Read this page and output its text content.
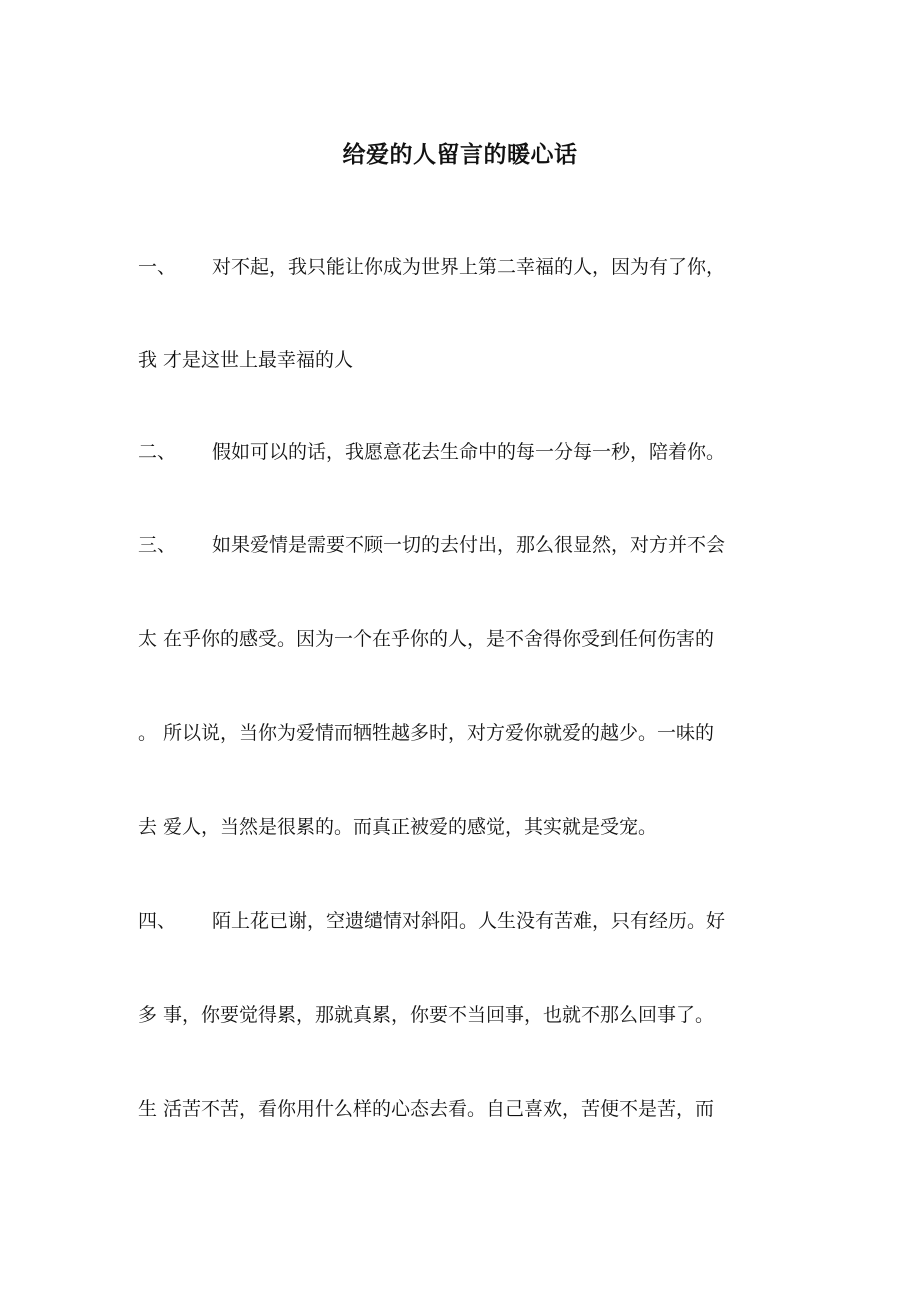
给爱的人留言的暖心话
一、 对不起，我只能让你成为世界上第二幸福的人，因为有了你，
我 才是这世上最幸福的人
二、 假如可以的话，我愿意花去生命中的每一分每一秒，陪着你。
三、 如果爱情是需要不顾一切的去付出，那么很显然，对方并不会
太 在乎你的感受。因为一个在乎你的人，是不舍得你受到任何伤害的
。 所以说，当你为爱情而牺牲越多时，对方爱你就爱的越少。一味的
去 爱人，当然是很累的。而真正被爱的感觉，其实就是受宠。
四、 陌上花已谢，空遗缱情对斜阳。人生没有苦难，只有经历。好
多 事，你要觉得累，那就真累，你要不当回事，也就不那么回事了。
生 活苦不苦，看你用什么样的心态去看。自己喜欢，苦便不是苦，而
